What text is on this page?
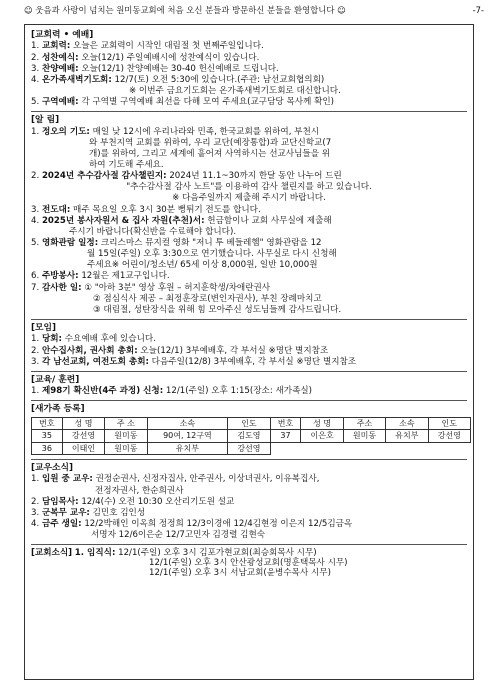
☺ 웃음과 사랑이 넘치는 원미동교회에 처음 오신 분들과 방문하신 분들을 환영합니다 ☺	-7-
[교회력 • 예배]
1. 교회력: 오늘은 교회력이 시작인 대림절 첫 번째주일입니다.
2. 성찬예식: 오늘(12/1) 주일예배시에 성찬예식이 있습니다.
3. 찬양예배: 오늘(12/1) 찬양예배는 30-40 헌신예배로 드립니다.
4. 온가족새벽기도회: 12/7(토) 오전 5:30에 있습니다.(주관: 남선교회협의회)
※ 이번주 금요기도회는 온가족새벽기도회로 대신합니다.
5. 구역예배: 각 구역별 구역예배 최선을 다해 모여 주세요(교구담당 목사께 확인)
[알 림]
1. 정오의 기도: 매일 낮 12시에 우리나라와 민족, 한국교회를 위하여, 부천시
와 부천지역 교회를 위하여, 우리 교단(예장통합)과 교단신학교(7
개)를 위하여, 그리고 세계에 흩어져 사역하시는 선교사님들을 위
하여 기도해 주세요.
2. 2024년 추수감사절 감사챌린지: 2024년 11.1~30까지 한달 동안 나누어 드린
"추수감사절 감사 노트"를 이용하여 감사 챌린지를 하고 있습니다.
※ 다음주일까지 제출해 주시기 바랍니다.
3. 전도대: 매주 목요일 오후 3시 30분 뻥튀기 전도를 합니다.
4. 2025년 봉사자원서 & 집사 자원(추천)서: 헌금함이나 교회 사무실에 제출해
주시기 바랍니다(확신반을 수료해야 합니다).
5. 영화관람 일정: 크리스마스 뮤지컬 영화 "저니 투 베들레헴" 영화관람을 12
월 15일(주일) 오후 3:30으로 연기했습니다. 사무실로 다시 신청해
주세요※ 어린이/청소년/ 65세 이상 8,000원, 일반 10,000원
6. 주방봉사: 12월은 제1교구입니다.
7. 감사한 일: ① "아하 3분" 영상 후원 – 허지훈학생/차애란권사
② 점심식사 제공 – 최정훈장로(변인자권사), 부친 장례마치고
③ 대림절, 성탄장식을 위해 힘 모아주신 성도님들께 감사드립니다.
[모임]
1. 당회: 수요예배 후에 있습니다.
2. 안수집사회, 권사회 총회: 오늘(12/1) 3부예배후, 각 부서실 ※명단 별지참조
3. 각 남선교회, 여전도회 총회: 다음주일(12/8) 3부예배후, 각 부서실 ※명단 별지참조
[교육/ 훈련]
1. 제98기 확신반(4주 과정) 신청: 12/1(주일) 오후 1:15(장소: 새가족실)
[새가족 등록]
번호	성 명	주 소	소속	인도	번호	성 명	주소	소속	인도
35	강선영	원미동	90여, 12구역	김도영	37	이은호	원미동	유치부	강선영
36	이태인	원미동	유치부	강선영					
[교우소식]
1. 입원 중 교우: 권정순권사, 신정자집사, 안주권사, 이상녀권사, 이유복집사,
전정자권사, 한순희권사
2. 담임목사: 12/4(수) 오전 10:30 오산리기도원 설교
3. 군복무 교우: 김민호 김인성
4. 금주 생일: 12/2박해인 이옥희 정정희 12/3이경애 12/4김현정 이은지 12/5김금옥
서명자 12/6이은순 12/7고민자 김경렬 김현숙
[교회소식] 1. 임직식: 12/1(주일) 오후 3시 김포가현교회(최승회목사 시무)
12/1(주일) 오후 3시 안산광성교회(명훈택목사 시무)
12/1(주일) 오후 3시 서남교회(윤병수목사 시무)
